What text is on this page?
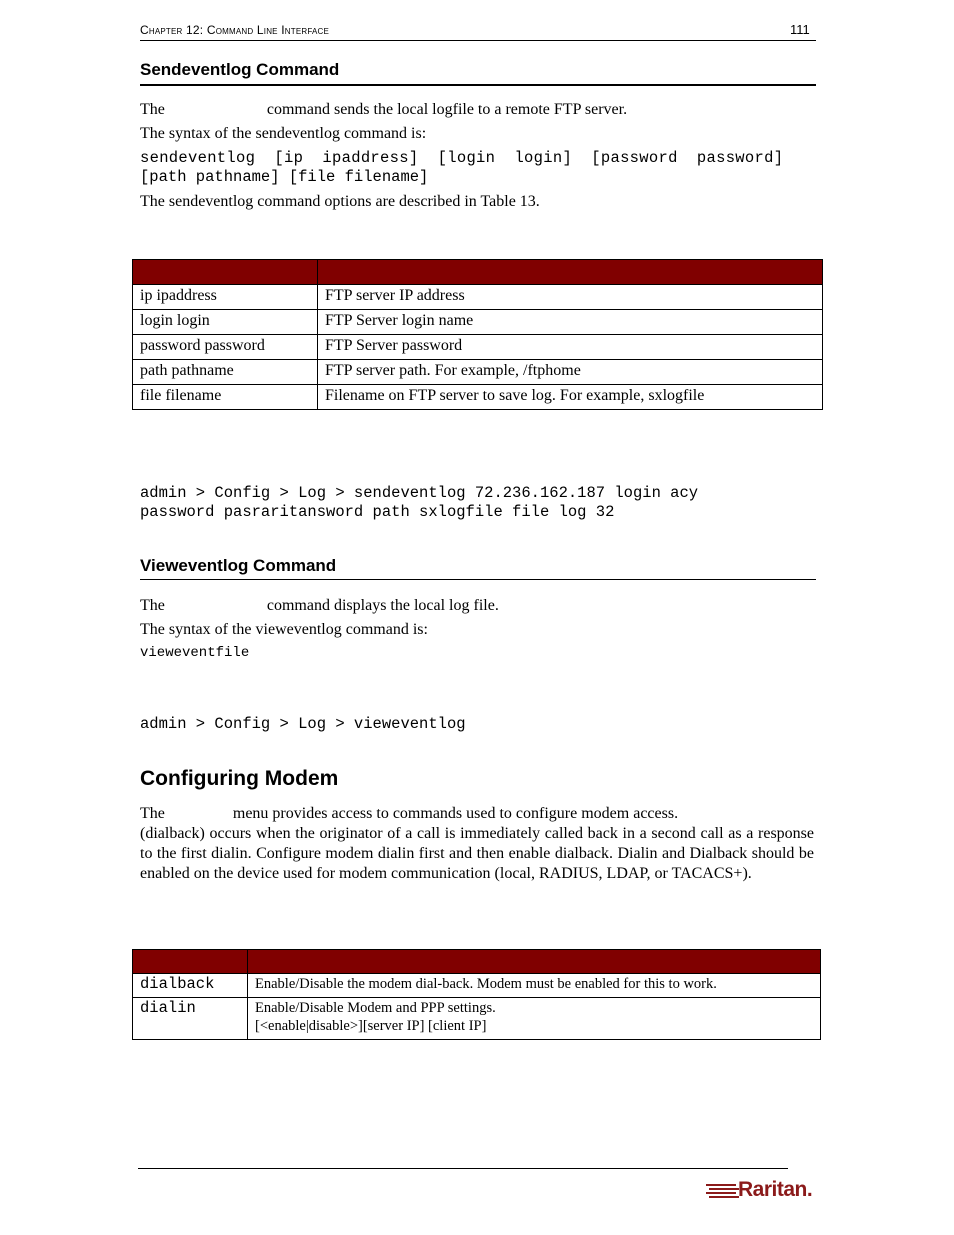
Chapter 12: Command Line Interface	111
Sendeventlog Command
The	command sends the local logfile to a remote FTP server.
The syntax of the sendeventlog command is:
sendeventlog  [ip  ipaddress]  [login  login]  [password  password]
[path pathname] [file filename]
The sendeventlog command options are described in Table 13.

ip ipaddress	FTP server IP address
login login	FTP Server login name
password password	FTP Server password
path pathname	FTP server path. For example, /ftphome
file filename	Filename on FTP server to save log. For example, sxlogfile
admin > Config > Log > sendeventlog 72.236.162.187 login acy
password pasraritansword path sxlogfile file log 32
Vieweventlog Command
The	command displays the local log file.
The syntax of the vieweventlog command is:
vieweventfile
admin > Config > Log > vieweventlog
Configuring Modem
The	menu provides access to commands used to configure modem access.
(dialback) occurs when the originator of a call is immediately called back in a second call as a response to the first dialin. Configure modem dialin first and then enable dialback. Dialin and Dialback should be enabled on the device used for modem communication (local, RADIUS, LDAP, or TACACS+).

dialback	Enable/Disable the modem dial-back. Modem must be enabled for this to work.
dialin	Enable/Disable Modem and PPP settings.
[<enable|disable>][server IP] [client IP]
Raritan.
